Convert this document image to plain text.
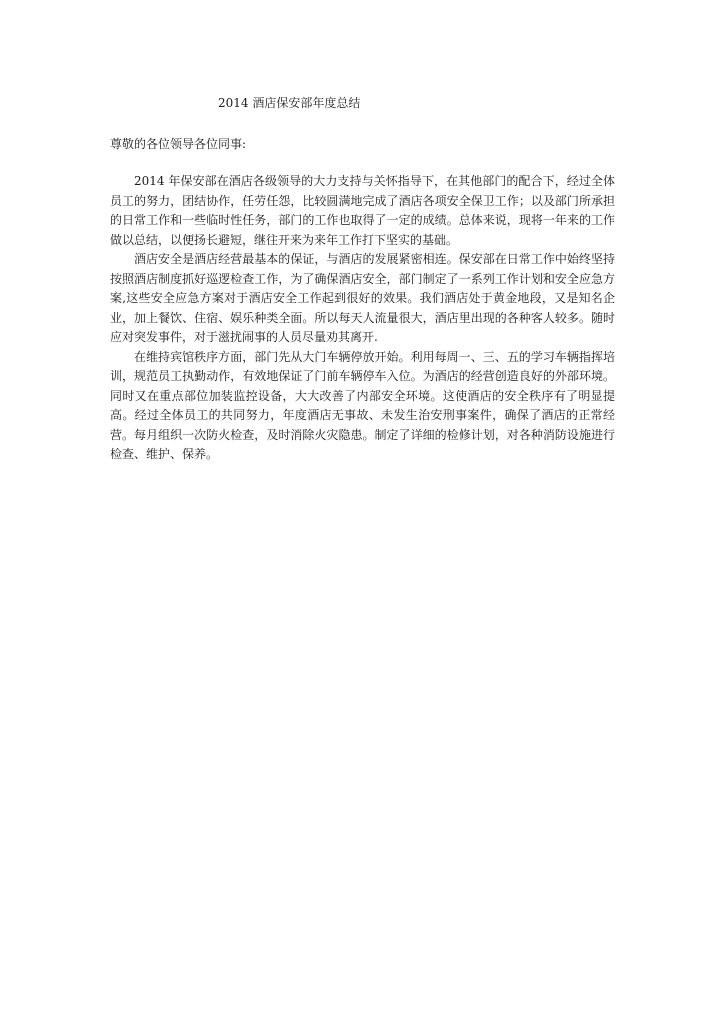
2014 酒店保安部年度总结
尊敬的各位领导各位同事:

2014 年保安部在酒店各级领导的大力支持与关怀指导下，在其他部门的配合下，经过全体员工的努力，团结协作，任劳任怨，比较圆满地完成了酒店各项安全保卫工作；以及部门所承担的日常工作和一些临时性任务，部门的工作也取得了一定的成绩。总体来说，现将一年来的工作做以总结，以便扬长避短，继往开来为来年工作打下坚实的基础。

酒店安全是酒店经营最基本的保证，与酒店的发展紧密相连。保安部在日常工作中始终坚持按照酒店制度抓好巡逻检查工作，为了确保酒店安全，部门制定了一系列工作计划和安全应急方案,这些安全应急方案对于酒店安全工作起到很好的效果。我们酒店处于黄金地段，又是知名企业，加上餐饮、住宿、娱乐种类全面。所以每天人流量很大，酒店里出现的各种客人较多。随时应对突发事件，对于滋扰闹事的人员尽量劝其离开.

在维持宾馆秩序方面，部门先从大门车辆停放开始。利用每周一、三、五的学习车辆指挥培训，规范员工执勤动作，有效地保证了门前车辆停车入位。为酒店的经营创造良好的外部环境。同时又在重点部位加装监控设备，大大改善了内部安全环境。这使酒店的安全秩序有了明显提高。经过全体员工的共同努力，年度酒店无事故、未发生治安刑事案件，确保了酒店的正常经营。每月组织一次防火检查，及时消除火灾隐患。制定了详细的检修计划，对各种消防设施进行检查、维护、保养。
